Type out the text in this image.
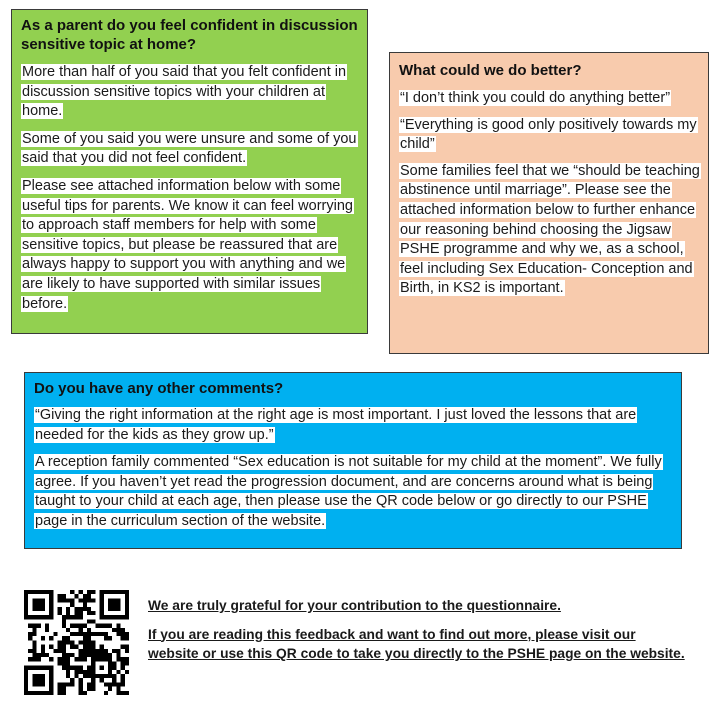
As a parent do you feel confident in discussion sensitive topic at home?

More than half of you said that you felt confident in discussion sensitive topics with your children at home.

Some of you said you were unsure and some of you said that you did not feel confident.

Please see attached information below with some useful tips for parents. We know it can feel worrying to approach staff members for help with some sensitive topics, but please be reassured that are always happy to support you with anything and we are likely to have supported with similar issues before.

What could we do better?

“I don’t think you could do anything better”

“Everything is good only positively towards my child”

Some families feel that we “should be teaching abstinence until marriage”. Please see the attached information below to further enhance our reasoning behind choosing the Jigsaw PSHE programme and why we, as a school, feel including Sex Education- Conception and Birth, in KS2 is important.

Do you have any other comments?

“Giving the right information at the right age is most important. I just loved the lessons that are needed for the kids as they grow up.”

A reception family commented “Sex education is not suitable for my child at the moment”. We fully agree. If you haven’t yet read the progression document, and are concerns around what is being taught to your child at each age, then please use the QR code below or go directly to our PSHE page in the curriculum section of the website.

We are truly grateful for your contribution to the questionnaire.

If you are reading this feedback and want to find out more, please visit our website or use this QR code to take you directly to the PSHE page on the website.
